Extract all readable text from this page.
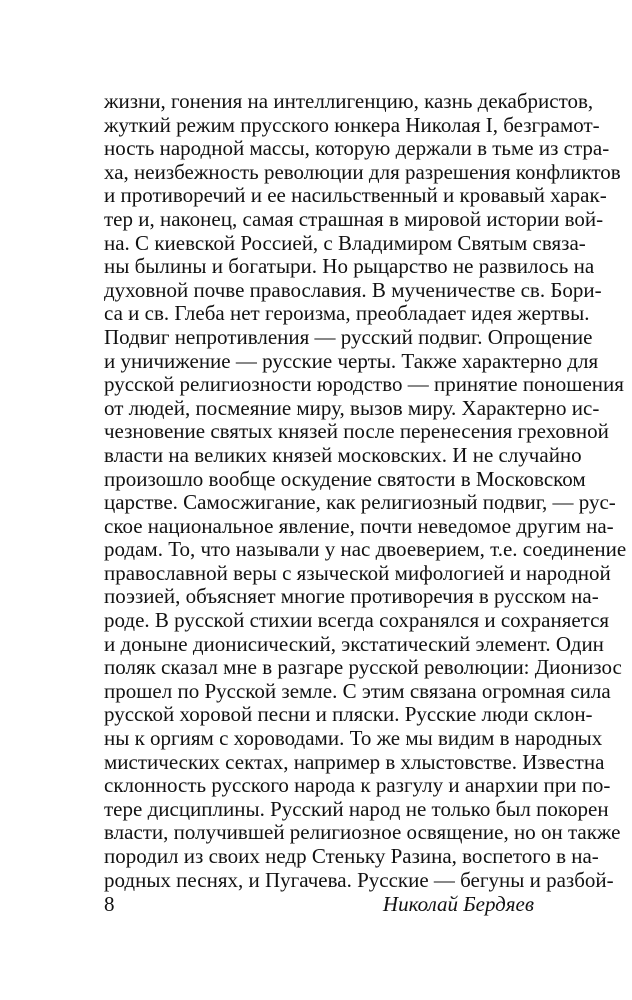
жизни, гонения на интеллигенцию, казнь декабристов,
жуткий режим прусского юнкера Николая I, безграмот-
ность народной массы, которую держали в тьме из стра-
ха, неизбежность революции для разрешения конфликтов
и противоречий и ее насильственный и кровавый харак-
тер и, наконец, самая страшная в мировой истории вой-
на. С киевской Россией, с Владимиром Святым связа-
ны былины и богатыри. Но рыцарство не развилось на
духовной почве православия. В мученичестве св. Бори-
са и св. Глеба нет героизма, преобладает идея жертвы.
Подвиг непротивления — русский подвиг. Опрощение
и уничижение — русские черты. Также характерно для
русской религиозности юродство — принятие поношения
от людей, посмеяние миру, вызов миру. Характерно ис-
чезновение святых князей после перенесения греховной
власти на великих князей московских. И не случайно
произошло вообще оскудение святости в Московском
царстве. Самосжигание, как религиозный подвиг, — рус-
ское национальное явление, почти неведомое другим на-
родам. То, что называли у нас двоеверием, т.е. соединение
православной веры с языческой мифологией и народной
поэзией, объясняет многие противоречия в русском на-
роде. В русской стихии всегда сохранялся и сохраняется
и доныне дионисический, экстатический элемент. Один
поляк сказал мне в разгаре русской революции: Дионизос
прошел по Русской земле. С этим связана огромная сила
русской хоровой песни и пляски. Русские люди склон-
ны к оргиям с хороводами. То же мы видим в народных
мистических сектах, например в хлыстовстве. Известна
склонность русского народа к разгулу и анархии при по-
тере дисциплины. Русский народ не только был покорен
власти, получившей религиозное освящение, но он также
породил из своих недр Стеньку Разина, воспетого в на-
родных песнях, и Пугачева. Русские — бегуны и разбой-
8	Николай Бердяев
